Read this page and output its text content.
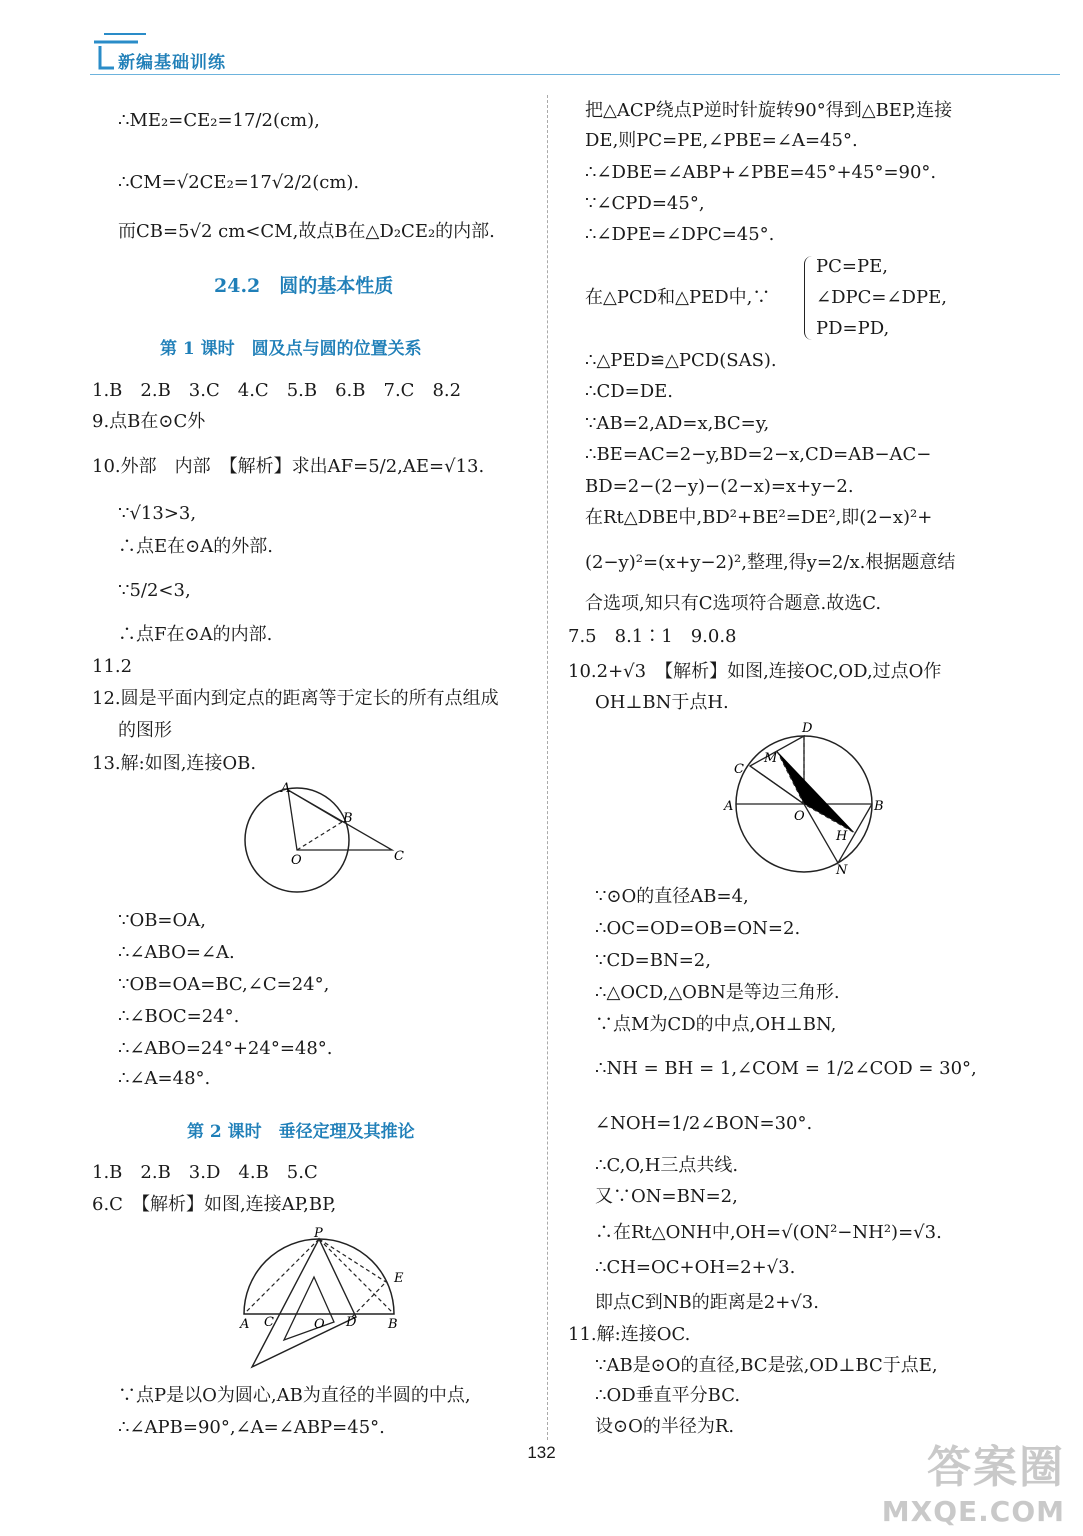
新编基础训练
∴ME₂=CE₂=17/2(cm),
∴CM=√2CE₂=17√2/2(cm).
而CB=5√2 cm<CM,故点B在△D₂CE₂的内部.
24.2　圆的基本性质
第 1 课时　圆及点与圆的位置关系
1.B　2.B　3.C　4.C　5.B　6.B　7.C　8.2
9.点B在⊙C外
10.外部　内部　【解析】求出AF=5/2,AE=√13.
∵√13>3,
∴点E在⊙A的外部.
∵5/2<3,
∴点F在⊙A的内部.
11.2
12.圆是平面内到定点的距离等于定长的所有点组成
的图形
13.解:如图,连接OB.
A
B
O	C
∵OB=OA,
∴∠ABO=∠A.
∵OB=OA=BC,∠C=24°,
∴∠BOC=24°.
∴∠ABO=24°+24°=48°.
∴∠A=48°.
第 2 课时　垂径定理及其推论
1.B　2.B　3.D　4.B　5.C
6.C　【解析】如图,连接AP,BP,
P
E
A C	O D B
∵点P是以O为圆心,AB为直径的半圆的中点,
∴∠APB=90°,∠A=∠ABP=45°.
把△ACP绕点P逆时针旋转90°得到△BEP,连接
DE,则PC=PE,∠PBE=∠A=45°.
∴∠DBE=∠ABP+∠PBE=45°+45°=90°.
∵∠CPD=45°,
∴∠DPE=∠DPC=45°.
在△PCD和△PED中,∵
PC=PE,
∠DPC=∠DPE,
PD=PD,
∴△PED≌△PCD(SAS).
∴CD=DE.
∵AB=2,AD=x,BC=y,
∴BE=AC=2−y,BD=2−x,CD=AB−AC−
BD=2−(2−y)−(2−x)=x+y−2.
在Rt△DBE中,BD²+BE²=DE²,即(2−x)²+
(2−y)²=(x+y−2)²,整理,得y=2/x.根据题意结
合选项,知只有C选项符合题意.故选C.
7.5　8.1∶1　9.0.8
10.2+√3　【解析】如图,连接OC,OD,过点O作
OH⊥BN于点H.
D
C
M
A
O
B
H
N
∵⊙O的直径AB=4,
∴OC=OD=OB=ON=2.
∵CD=BN=2,
∴△OCD,△OBN是等边三角形.
∵点M为CD的中点,OH⊥BN,
∴NH = BH = 1,∠COM = 1/2∠COD = 30°,
∠NOH=1/2∠BON=30°.
∴C,O,H三点共线.
又∵ON=BN=2,
∴在Rt△ONH中,OH=√(ON²−NH²)=√3.
∴CH=OC+OH=2+√3.
即点C到NB的距离是2+√3.
11.解:连接OC.
∵AB是⊙O的直径,BC是弦,OD⊥BC于点E,
∴OD垂直平分BC.
设⊙O的半径为R.
132	答案圈
MXQE.COM
